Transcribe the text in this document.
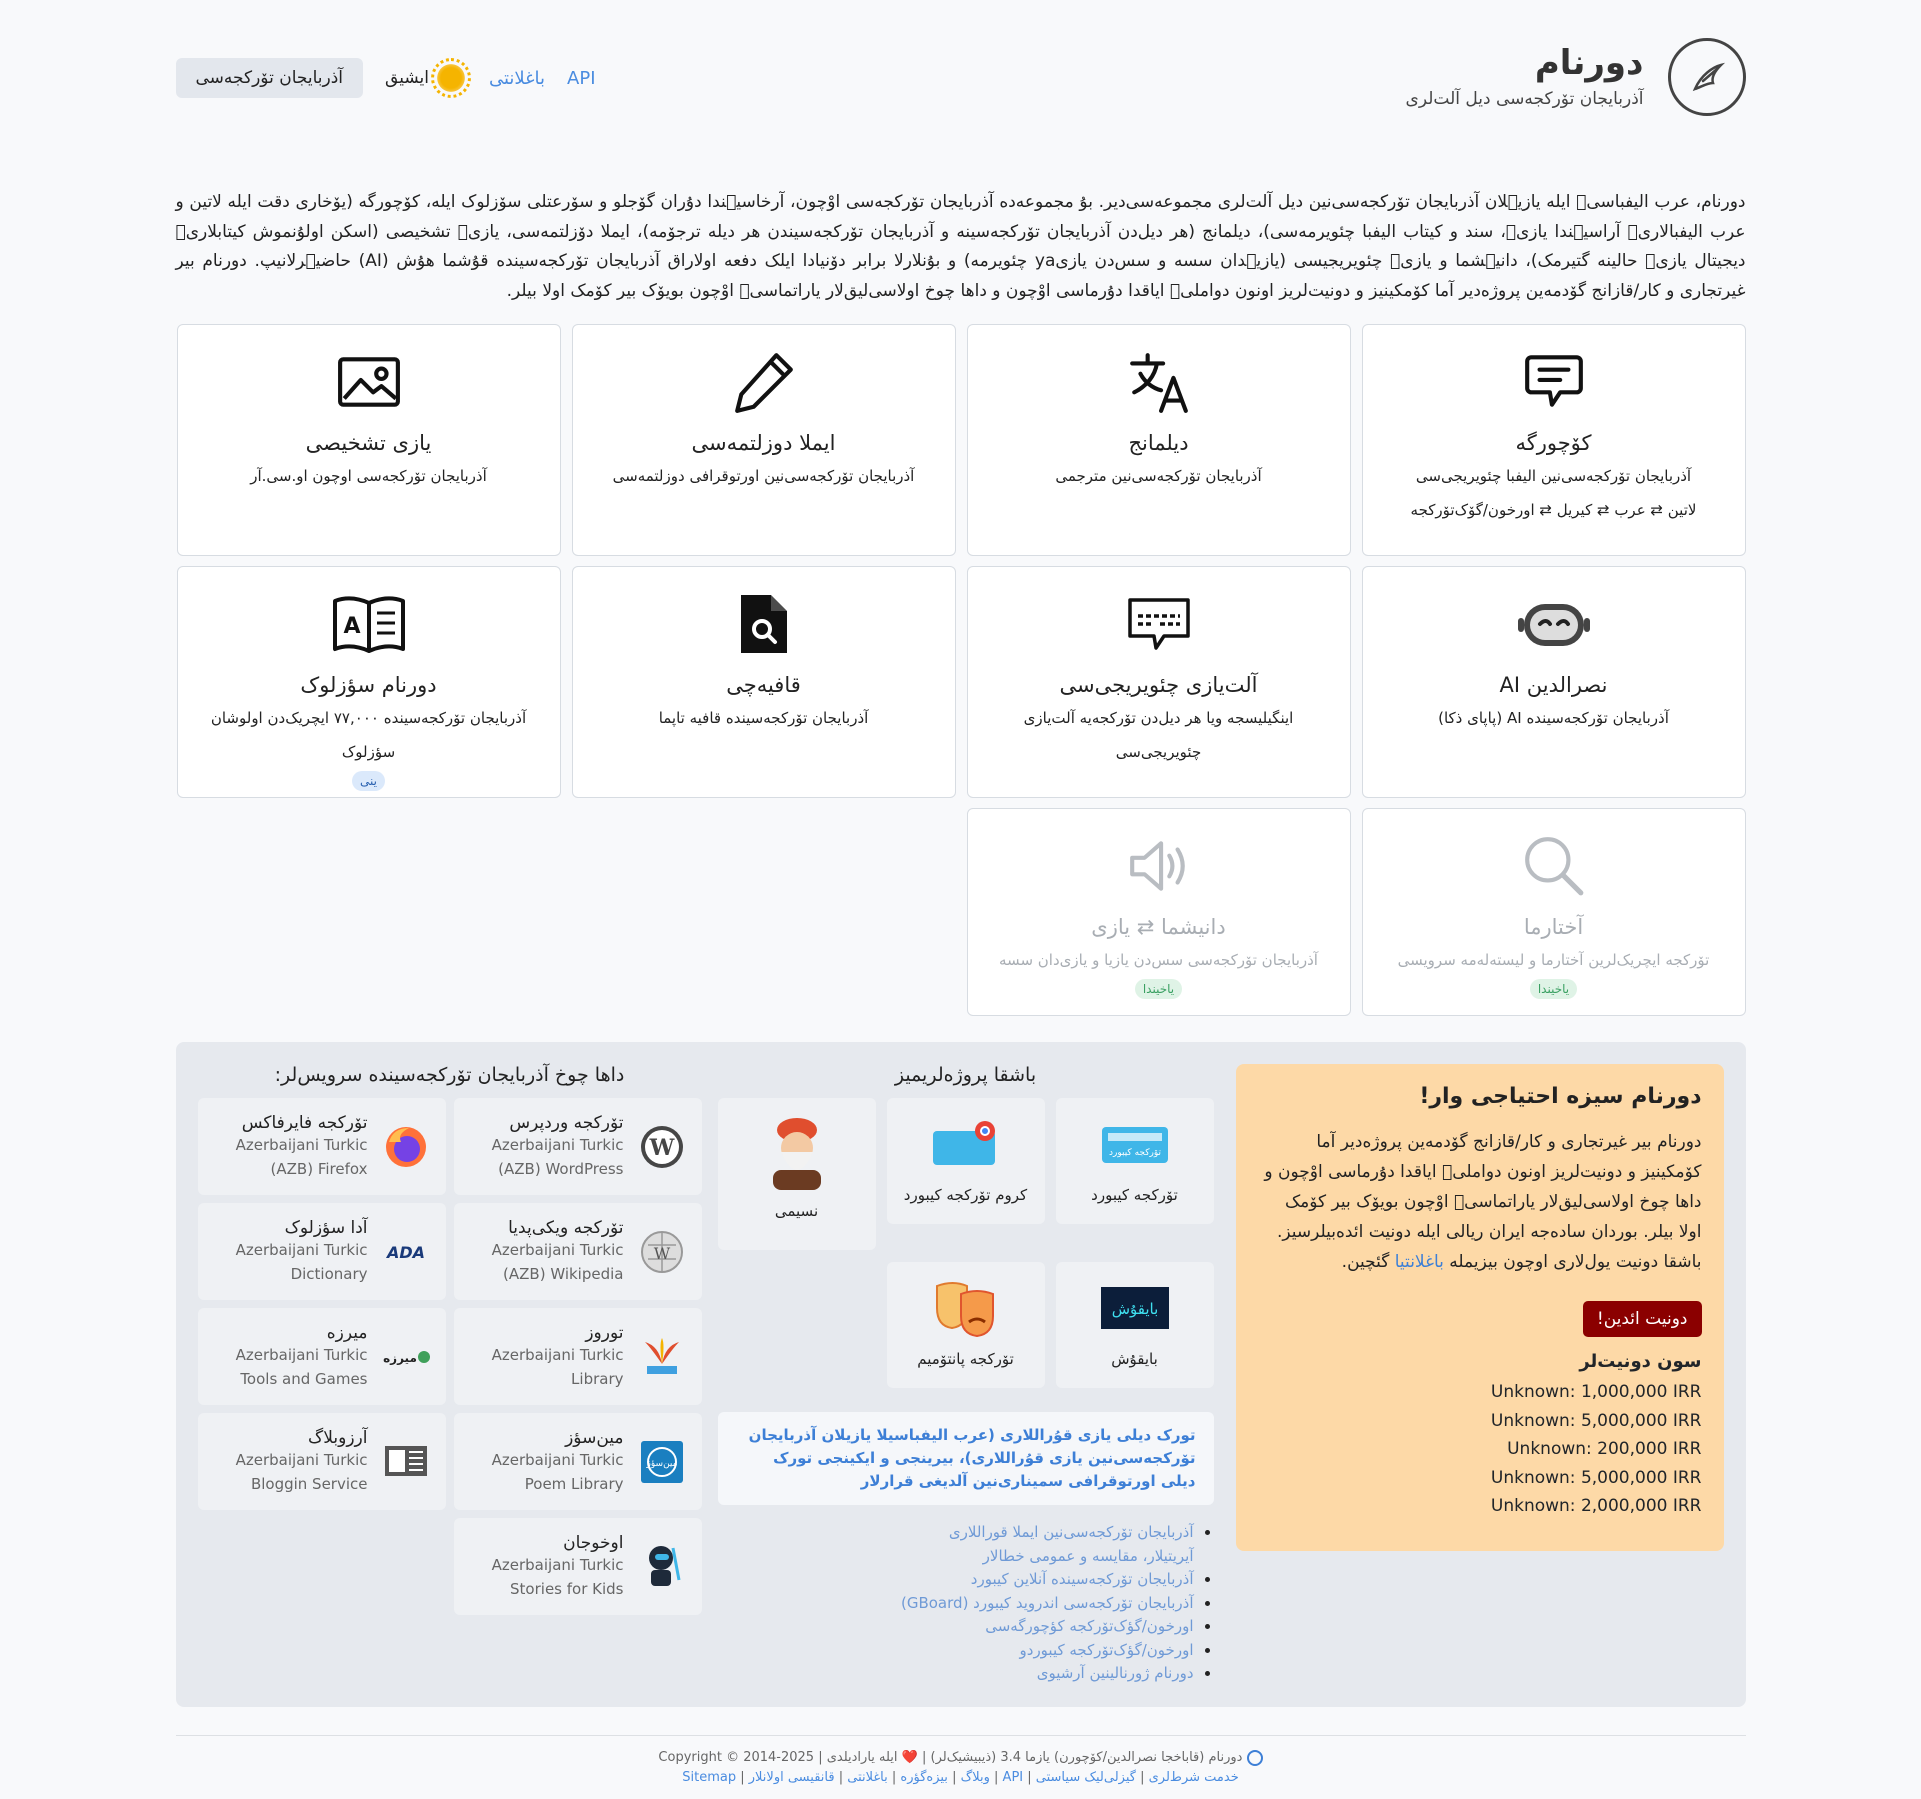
دورنام
آذربایجان تۆرکجه‌سی دیل آلت‌لری
آذربایجان تۆرکجه‌سی	ایشیق	باغلانتی API
دورنام، عرب الیفباسیٖ ایله یازیٖلان آذربایجان تۆرکجه‌سی‌نین دیل آلت‌لری مجموعه‌سی‌دیر. بۇ مجموعه‌ده آذربایجان تۆرکجه‌سی اوْچون، آرخاسیٖندا دۇران گۆجلو و سۆرعتلی سۆزلوک ایله، کۆچورگه (یۆخاری دقت ایله لاتین و عرب الیفبالاریٖ آراسیٖندا یازیٖ، سند و کیتاب الیفبا چئویرمه‌سی)، دیلمانج (هر دیل‌دن آذربایجان تۆرکجه‌سینه و آذربایجان تۆرکجه‌سیندن هر دیله ترجۆمه)، ایملا دۆزلتمه‌سی، یازیٖ تشخیصی (اسکن اولۇنموش کیتابلاریٖ دیجیتال یازیٖ حالینه گتیرمک)، دانیٖشما و یازیٖ چئویریجیسی (یازیٖدان سسه و سس‌دن یازیya چئویرمه) و بۇنلارلا برابر دۆنیادا ایلک دفعه اولاراق آذربایجان تۆرکجه‌سینده قۇشما هۇش (AI) حاضیٖرلانیپ. دورنام بیر غیرتجاری و کار/قازانج گۆدمه‌ین پروژه‌دیر آما کۆمکینیز و دونیت‌لریز اونون دواملیٖ ایاقدا دۇرماسی اوْچون و داها چوخ اولاسی‌لیق‌لار یاراتماسیٖ اوْچون بویۆک بیر کۆمک اولا بیلر.
کۆچورگه
آذربایجان تۆرکجه‌سی‌نین الیفبا چئویریجی‌سی
لاتین ⇄ عرب ⇄ کیریل ⇄ اورخون/گۆک‌تۆرکجه
دیلمانج
آذربایجان تۆرکجه‌سی‌نین مترجمی
ایملا دوزلتمه‌سی
آذربایجان تۆرکجه‌سی‌نین اورتوقرافی دوزلتمه‌سی
یازی تشخیصی
آذربایجان تۆرکجه‌سی اوچون او.سی.آر
نصرالدین AI
آذربایجان تۆرکجه‌سینده AI (پاپای ذکا)
آلت‌یازی چئویریجی‌سی
اینگیلیسجه ویا هر دیل‌دن تۆرکجه‌یه آلت‌یازی چئویریجی‌سی
قافیه‌چی
آذربایجان تۆرکجه‌سینده قافیه تاپما
A
دورنام سؤزلوک
آذربایجان تۆرکجه‌سینده ۷۷,۰۰۰ ایچریک‌دن اولوشان سؤزلوک
ینی
آختارما
تۆرکجه ایچریک‌لرین آختارما و لیسته‌له‌مه سرویسی
یاخیندا
دانیشما ⇄ یازی
آذربایجان تۆرکجه‌سی سس‌دن یازیا و یازی‌دان سسه
یاخیندا
دورنام سیزه احتیاجی وار!

دورنام بیر غیرتجاری و کار/قازانج گۆدمه‌ین پروژه‌دیر آما کۆمکینیز و دونیت‌لریز اونون دواملیٖ ایاقدا دۇرماسی اوْچون و داها چوخ اولاسی‌لیق‌لار یاراتماسیٖ اوْچون بویۆک بیر کۆمک اولا بیلر. بوردان ساده‌جه ایران ریالی ایله دونیت ائده‌بیلرسیز.
باشقا دونیت یول‌لاری اوچون بیزیمله باغلانتیا گئچین.

دونیت ائدین!
سون دونیت‌لر
Unknown: 1,000,000 IRR
Unknown: 5,000,000 IRR
Unknown: 200,000 IRR
Unknown: 5,000,000 IRR
Unknown: 2,000,000 IRR
باشقا پروژه‌لریمیز
تۆرکجه کیبورد
تۆرکجه کیبورد
کروم تۆرکجه کیبورد
نسیمی
بایقۇش
بایقۇش
تۆرکجه پانتۆمیم
تورک دیلی یازی قۇراللاری (عرب الیفباسیلا یازیلان آذربایجان تۆرکجه‌سی‌نین یازی قۇراللاری)، بیرینجی و ایکینجی تورک دیلی اورتوقرافی سمیناری‌نین آلدیغی قرارلار
• آذربایجان تۆرکجه‌سی‌نین ایملا قوراللاری
آیریتیلار، مقایسه و عمومی خطالار
• آذربایجان تۆرکجه‌سینده آنلاین کیبورد
• آذربایجان تۆرکجه‌سی اندروید کیبورد (GBoard)
• اورخون/گؤک‌تۆرکجه کؤچورگه‌سی
• اورخون/گؤک‌تۆرکجه کیبوردو
• دورنام ژورنالینین آرشیوی
داها چوخ آذربایجان تۆرکجه‌سینده سرویس‌لر:
W
تۆرکجه وردپرس
Azerbaijani Turkic (AZB) WordPress
تۆرکجه فایرفاکس
Azerbaijani Turkic (AZB) Firefox
W
تۆرکجه ویکی‌پدیا
Azerbaijani Turkic (AZB) Wikipedia
ADA
آدا سؤزلوک
Azerbaijani Turkic Dictionary
توروز
Azerbaijani Turkic Library
میرزه
میرزه
Azerbaijani Turkic Tools and Games
مین‌سؤز
مین‌سؤز
Azerbaijani Turkic Poem Library
آرزوبلاگ
Azerbaijani Turkic Bloggin Service
اوخوجان
Azerbaijani Turkic Stories for Kids
دورنام (قاباخجا نصرالدین/کۆچورن) یازما 3.4 (ذیبیشیک‌لر) | ❤️ ایله یارادیلدی | Copyright © 2014-2025
خدمت شرط‌لری | گیزلی‌لیک سیاستی | API | وبلاگ | بیزه‌گؤره | باغلانتی | قانقیسی اولانلار | Sitemap
